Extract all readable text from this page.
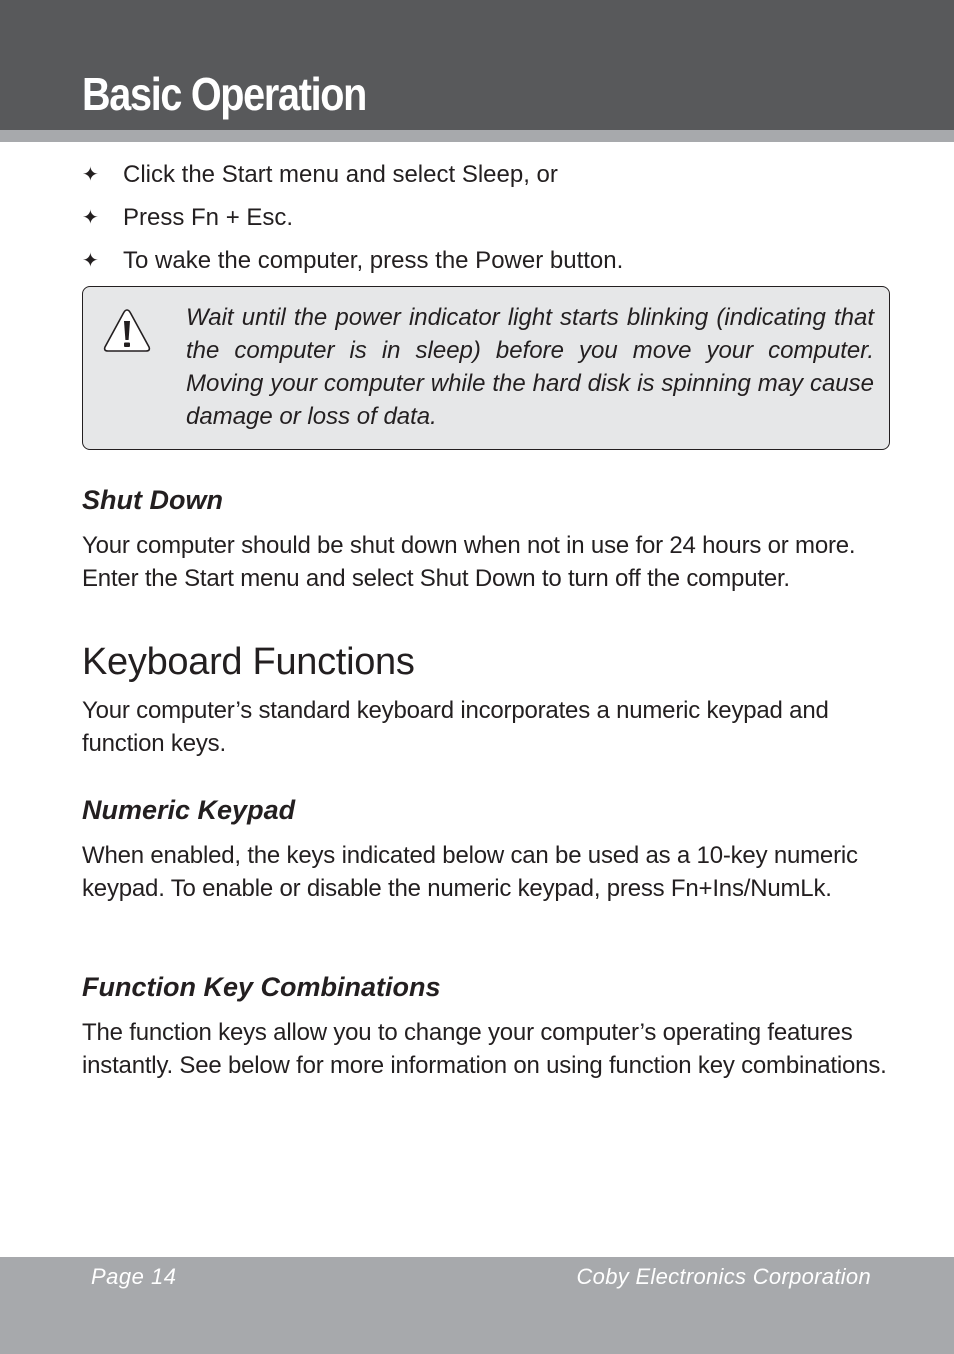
Basic Operation
✦ Click the Start menu and select Sleep, or
✦ Press Fn + Esc.
✦ To wake the computer, press the Power button.

Wait until the power indicator light starts blinking (indicating that the computer is in sleep) before you move your computer. Moving your computer while the hard disk is spinning may cause damage or loss of data.

Shut Down

Your computer should be shut down when not in use for 24 hours or more. Enter the Start menu and select Shut Down to turn off the computer.

Keyboard Functions

Your computer’s standard keyboard incorporates a numeric keypad and function keys.

Numeric Keypad

When enabled, the keys indicated below can be used as a 10-key numeric keypad. To enable or disable the numeric keypad, press Fn+Ins/NumLk.

Function Key Combinations

The function keys allow you to change your computer’s operating features instantly. See below for more information on using function key combinations.

Page 14	Coby Electronics Corporation
